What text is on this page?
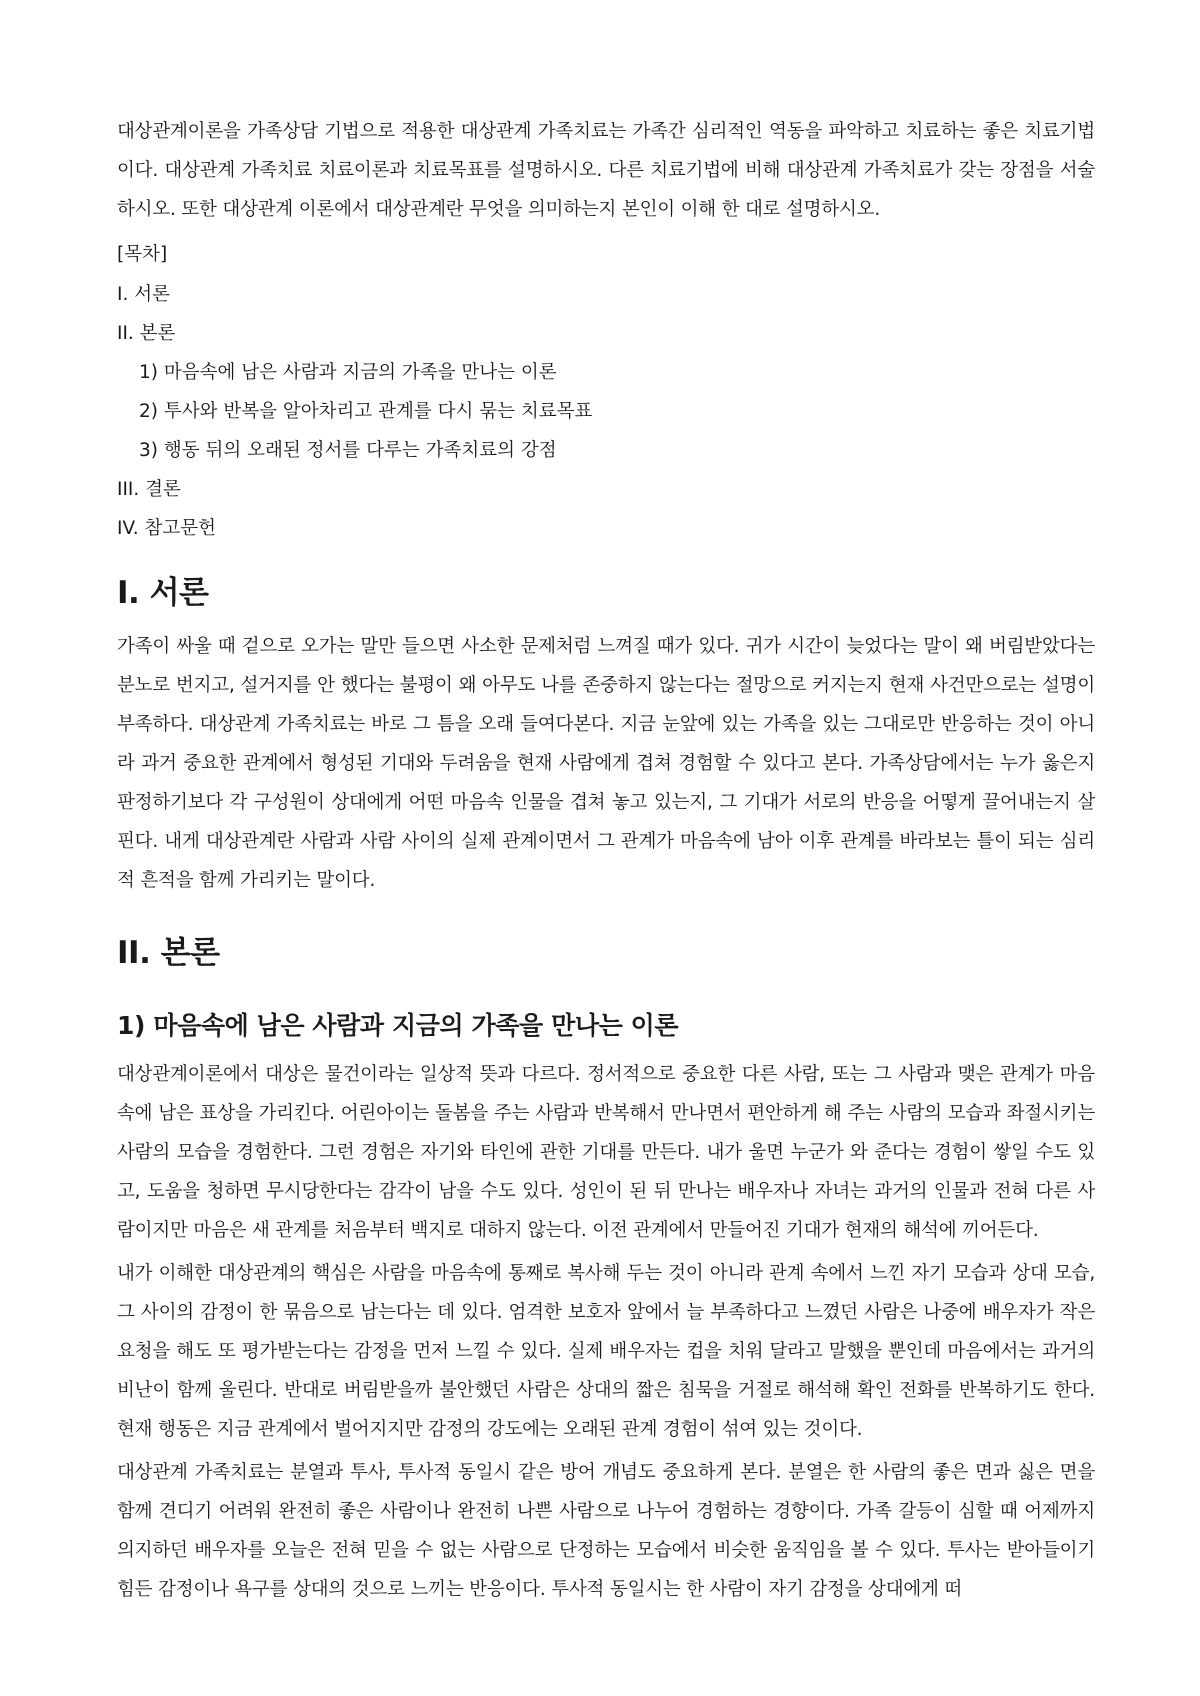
대상관계이론을 가족상담 기법으로 적용한 대상관계 가족치료는 가족간 심리적인 역동을 파악하고 치료하는 좋은 치료기법이다. 대상관계 가족치료 치료이론과 치료목표를 설명하시오. 다른 치료기법에 비해 대상관계 가족치료가 갖는 장점을 서술하시오. 또한 대상관계 이론에서 대상관계란 무엇을 의미하는지 본인이 이해 한 대로 설명하시오.

[목차]
I. 서론
II. 본론
1) 마음속에 남은 사람과 지금의 가족을 만나는 이론
2) 투사와 반복을 알아차리고 관계를 다시 묶는 치료목표
3) 행동 뒤의 오래된 정서를 다루는 가족치료의 강점
III. 결론
IV. 참고문헌
I. 서론

가족이 싸울 때 겉으로 오가는 말만 들으면 사소한 문제처럼 느껴질 때가 있다. 귀가 시간이 늦었다는 말이 왜 버림받았다는 분노로 번지고, 설거지를 안 했다는 불평이 왜 아무도 나를 존중하지 않는다는 절망으로 커지는지 현재 사건만으로는 설명이 부족하다. 대상관계 가족치료는 바로 그 틈을 오래 들여다본다. 지금 눈앞에 있는 가족을 있는 그대로만 반응하는 것이 아니라 과거 중요한 관계에서 형성된 기대와 두려움을 현재 사람에게 겹쳐 경험할 수 있다고 본다. 가족상담에서는 누가 옳은지 판정하기보다 각 구성원이 상대에게 어떤 마음속 인물을 겹쳐 놓고 있는지, 그 기대가 서로의 반응을 어떻게 끌어내는지 살핀다. 내게 대상관계란 사람과 사람 사이의 실제 관계이면서 그 관계가 마음속에 남아 이후 관계를 바라보는 틀이 되는 심리적 흔적을 함께 가리키는 말이다.

II. 본론
1) 마음속에 남은 사람과 지금의 가족을 만나는 이론

대상관계이론에서 대상은 물건이라는 일상적 뜻과 다르다. 정서적으로 중요한 다른 사람, 또는 그 사람과 맺은 관계가 마음속에 남은 표상을 가리킨다. 어린아이는 돌봄을 주는 사람과 반복해서 만나면서 편안하게 해 주는 사람의 모습과 좌절시키는 사람의 모습을 경험한다. 그런 경험은 자기와 타인에 관한 기대를 만든다. 내가 울면 누군가 와 준다는 경험이 쌓일 수도 있고, 도움을 청하면 무시당한다는 감각이 남을 수도 있다. 성인이 된 뒤 만나는 배우자나 자녀는 과거의 인물과 전혀 다른 사람이지만 마음은 새 관계를 처음부터 백지로 대하지 않는다. 이전 관계에서 만들어진 기대가 현재의 해석에 끼어든다.

내가 이해한 대상관계의 핵심은 사람을 마음속에 통째로 복사해 두는 것이 아니라 관계 속에서 느낀 자기 모습과 상대 모습, 그 사이의 감정이 한 묶음으로 남는다는 데 있다. 엄격한 보호자 앞에서 늘 부족하다고 느꼈던 사람은 나중에 배우자가 작은 요청을 해도 또 평가받는다는 감정을 먼저 느낄 수 있다. 실제 배우자는 컵을 치워 달라고 말했을 뿐인데 마음에서는 과거의 비난이 함께 울린다. 반대로 버림받을까 불안했던 사람은 상대의 짧은 침묵을 거절로 해석해 확인 전화를 반복하기도 한다. 현재 행동은 지금 관계에서 벌어지지만 감정의 강도에는 오래된 관계 경험이 섞여 있는 것이다.

대상관계 가족치료는 분열과 투사, 투사적 동일시 같은 방어 개념도 중요하게 본다. 분열은 한 사람의 좋은 면과 싫은 면을 함께 견디기 어려워 완전히 좋은 사람이나 완전히 나쁜 사람으로 나누어 경험하는 경향이다. 가족 갈등이 심할 때 어제까지 의지하던 배우자를 오늘은 전혀 믿을 수 없는 사람으로 단정하는 모습에서 비슷한 움직임을 볼 수 있다. 투사는 받아들이기 힘든 감정이나 욕구를 상대의 것으로 느끼는 반응이다. 투사적 동일시는 한 사람이 자기 감정을 상대에게 떠
